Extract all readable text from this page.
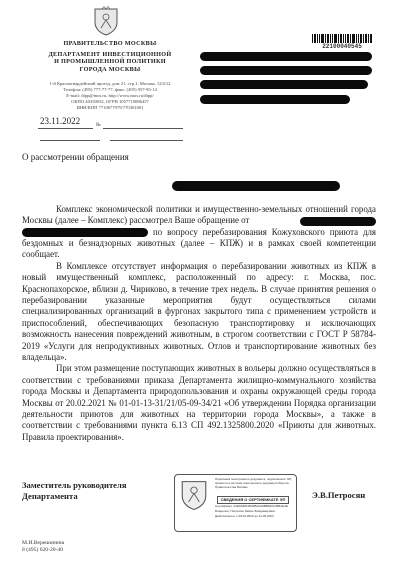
ПРАВИТЕЛЬСТВО МОСКВЫ
ДЕПАРТАМЕНТ ИНВЕСТИЦИОННОЙ
И ПРОМЫШЛЕННОЙ ПОЛИТИКИ
ГОРОДА МОСКВЫ
1-й Красногвардейский проезд, дом 21, стр.1, Москва, 123112
Телефон: (495) 777-77-77, факс: (495) 957-95-14
E-mail: dipp@mos.ru, http://www.mos.ru/dipp/
ОКПО 40350032, ОГРН 1057710086457
ИНН/КПП 7710677979/770301001
22100040545
23.11.2022	№
О рассмотрении обращения

Комплекс экономической политики и имущественно-земельных отношений города Москвы (далее – Комплекс) рассмотрел Ваше обращение от

по вопросу перебазирования Кожуховского приюта для бездомных и безнадзорных животных (далее – КПЖ) и в рамках своей компетенции сообщает.

В Комплексе отсутствует информация о перебазировании животных из КПЖ в новый имущественный комплекс, расположенный по адресу: г. Москва, пос. Краснопахорское, вблизи д. Чириково, в течение трех недель. В случае принятия решения о перебазировании указанные мероприятия будут осуществляться силами специализированных организаций в фургонах закрытого типа с применением устройств и приспособлений, обеспечивающих безопасную транспортировку и исключающих возможность нанесения повреждений животным, в строгом соответствии с ГОСТ Р 58784-2019 «Услуги для непродуктивных животных. Отлов и транспортирование животных без владельца».

При этом размещение поступающих животных в вольеры должно осуществляться в соответствии с требованиями приказа Департамента жилищно-коммунального хозяйства города Москвы и Департамента природопользования и охраны окружающей среды города Москвы от 20.02.2021 № 01-01-13-31/21/05-09-34/21 «Об утверждении Порядка организации деятельности приютов для животных на территории города Москвы», а также в соответствии с требованиями пункта 6.13 СП 492.1325800.2020 «Приюты для животных. Правила проектирования».

Заместитель руководителя
Департамента	Э.В.Петросян
Подлинник электронного документа, подписанного ЭП,
хранится в системе электронного документооборота
Правительства Москвы
СВЕДЕНИЯ О СЕРТИФИКАТЕ ЭП
Сертификат: 01E6A80F0034B1AA9BB043C4B5AE1E
Владелец: Петросян Эмиль Владимирович
Действителен: с 29.02.2022 до 21.05.2023
М.И.Верешинина
8 (495) 620-20-40
